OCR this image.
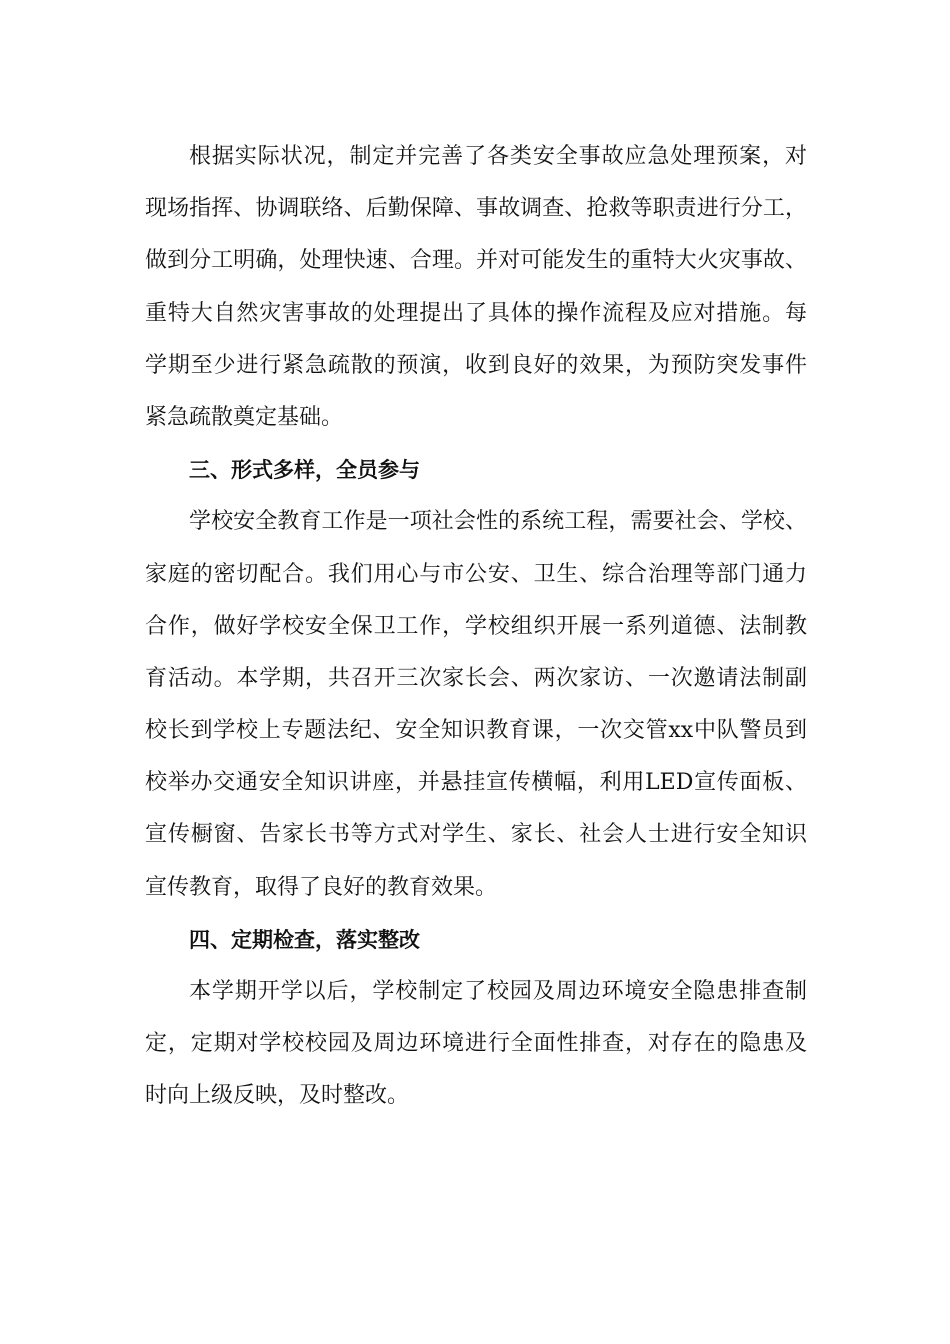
根据实际状况，制定并完善了各类安全事故应急处理预案，对

现场指挥、协调联络、后勤保障、事故调查、抢救等职责进行分工，

做到分工明确，处理快速、合理。并对可能发生的重特大火灾事故、

重特大自然灾害事故的处理提出了具体的操作流程及应对措施。每

学期至少进行紧急疏散的预演，收到良好的效果，为预防突发事件

紧急疏散奠定基础。

三、形式多样，全员参与

学校安全教育工作是一项社会性的系统工程，需要社会、学校、

家庭的密切配合。我们用心与市公安、卫生、综合治理等部门通力

合作，做好学校安全保卫工作，学校组织开展一系列道德、法制教

育活动。本学期，共召开三次家长会、两次家访、一次邀请法制副

校长到学校上专题法纪、安全知识教育课，一次交管xx中队警员到

校举办交通安全知识讲座，并悬挂宣传横幅，利用LED宣传面板、

宣传橱窗、告家长书等方式对学生、家长、社会人士进行安全知识

宣传教育，取得了良好的教育效果。

四、定期检查，落实整改

本学期开学以后，学校制定了校园及周边环境安全隐患排查制

定，定期对学校校园及周边环境进行全面性排查，对存在的隐患及

时向上级反映，及时整改。
